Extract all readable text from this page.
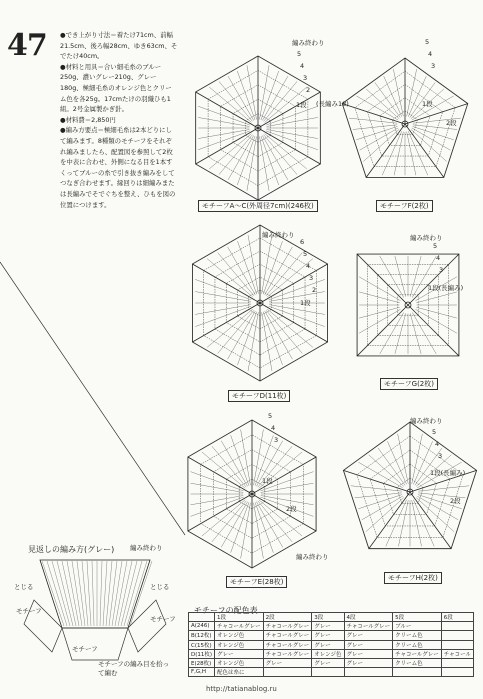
47 ●でき上がり寸法＝着たけ71cm、前幅21.5cm、後ろ幅28cm、ゆき63cm、そでたけ40cm。

●材料と用具＝合い細毛糸のブルー250g、濃いグレー210g、グレー180g、極細毛糸のオレンジ色とクリーム色を各25g。17cmたけの羽織ひも1組。2号金属製かぎ針。

●材料費＝2,850円

●編み方要点＝極細毛糸は2本どりにして編みます。8種類のモチーフをそれぞれ編みましたら、配置図を参照して2枚を中表に合わせ、外側になる目を1本すくってブルーの糸で引き抜き編みをしてつなぎ合わせます。縁回りは細編みまたは長編みでそでぐちを整え、ひもを図の位置につけます。	モチーフA〜C(外周径7cm)(246枚)	モチーフF(2枚)
モチーフD(11枚)
モチーフG(2枚)
モチーフE(28枚)	モチーフH(2枚)
編み終わり
5
4
3
2
1段 (長編み18)
5
4
3
1段
2段
編み終わり
6
5
4
3
2
1段
編み終わり
5
4
3
1段(長編み)
5
4
3
2段
1段
編み終わり
編み終わり
5
4
3
1段(長編み)
2段
見返しの編み方(グレー) 編み終わり
とじる
モチーフ
とじる
モチーフ
モチーフ
モチーフの編み目を拾って編む
モチーフの配色表
	1段	2段	3段	4段	5段	6段
A(246)	チャコールグレー	チャコールグレー	グレー	チャコールグレー	ブルー	
B(12枚)	オレンジ色	チャコールグレー	グレー	グレー	クリーム色	
C(15枚)	オレンジ色	チャコールグレー	グレー	グレー	クリーム色	
D(11枚)	グレー	チャコールグレー	オレンジ色	グレー	チャコールグレー	チャコール
E(28枚)	オレンジ色	グレー	グレー	グレー	クリーム色	
F,G,H	配色は糸に					
http://tatianablog.ru
